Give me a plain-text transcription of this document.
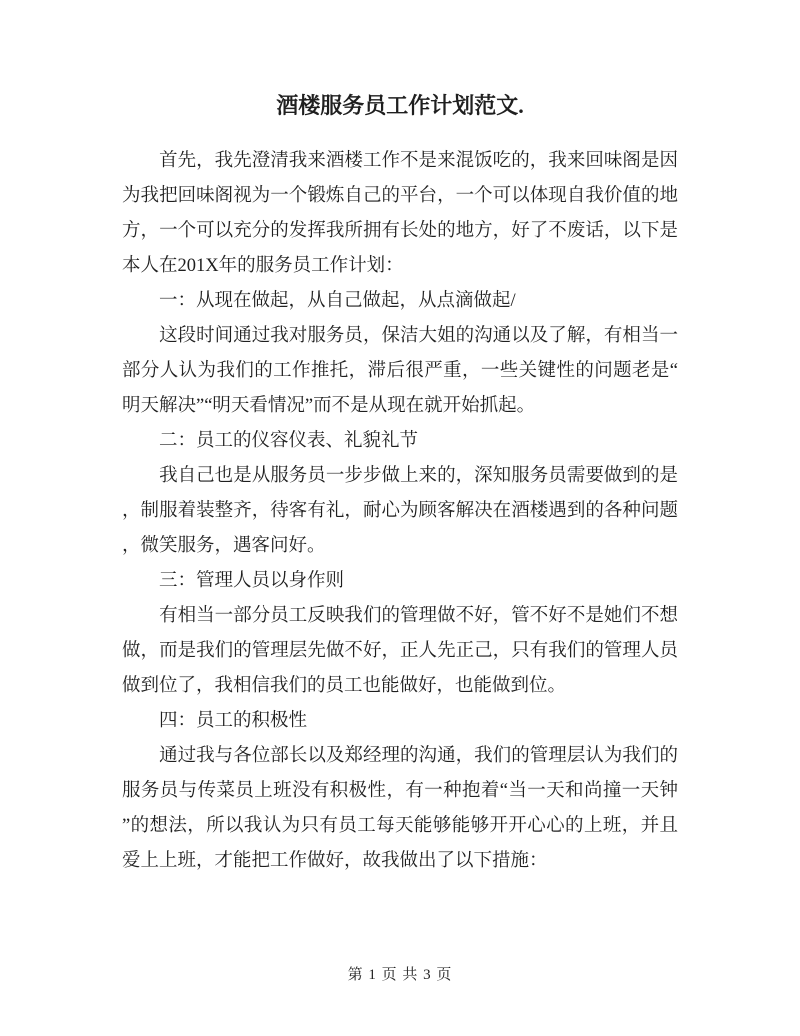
酒楼服务员工作计划范文.
　　首先，我先澄清我来酒楼工作不是来混饭吃的，我来回味阁是因
为我把回味阁视为一个锻炼自己的平台，一个可以体现自我价值的地
方，一个可以充分的发挥我所拥有长处的地方，好了不废话，以下是
本人在201X年的服务员工作计划：
　　一：从现在做起，从自己做起，从点滴做起/
　　这段时间通过我对服务员，保洁大姐的沟通以及了解，有相当一
部分人认为我们的工作推托，滞后很严重，一些关键性的问题老是“
明天解决”“明天看情况”而不是从现在就开始抓起。
　　二：员工的仪容仪表、礼貌礼节
　　我自己也是从服务员一步步做上来的，深知服务员需要做到的是
，制服着装整齐，待客有礼，耐心为顾客解决在酒楼遇到的各种问题
，微笑服务，遇客问好。
　　三：管理人员以身作则
　　有相当一部分员工反映我们的管理做不好，管不好不是她们不想
做，而是我们的管理层先做不好，正人先正己，只有我们的管理人员
做到位了，我相信我们的员工也能做好，也能做到位。
　　四：员工的积极性
　　通过我与各位部长以及郑经理的沟通，我们的管理层认为我们的
服务员与传菜员上班没有积极性，有一种抱着“当一天和尚撞一天钟
”的想法，所以我认为只有员工每天能够能够开开心心的上班，并且
爱上上班，才能把工作做好，故我做出了以下措施：
第 1 页 共 3 页
